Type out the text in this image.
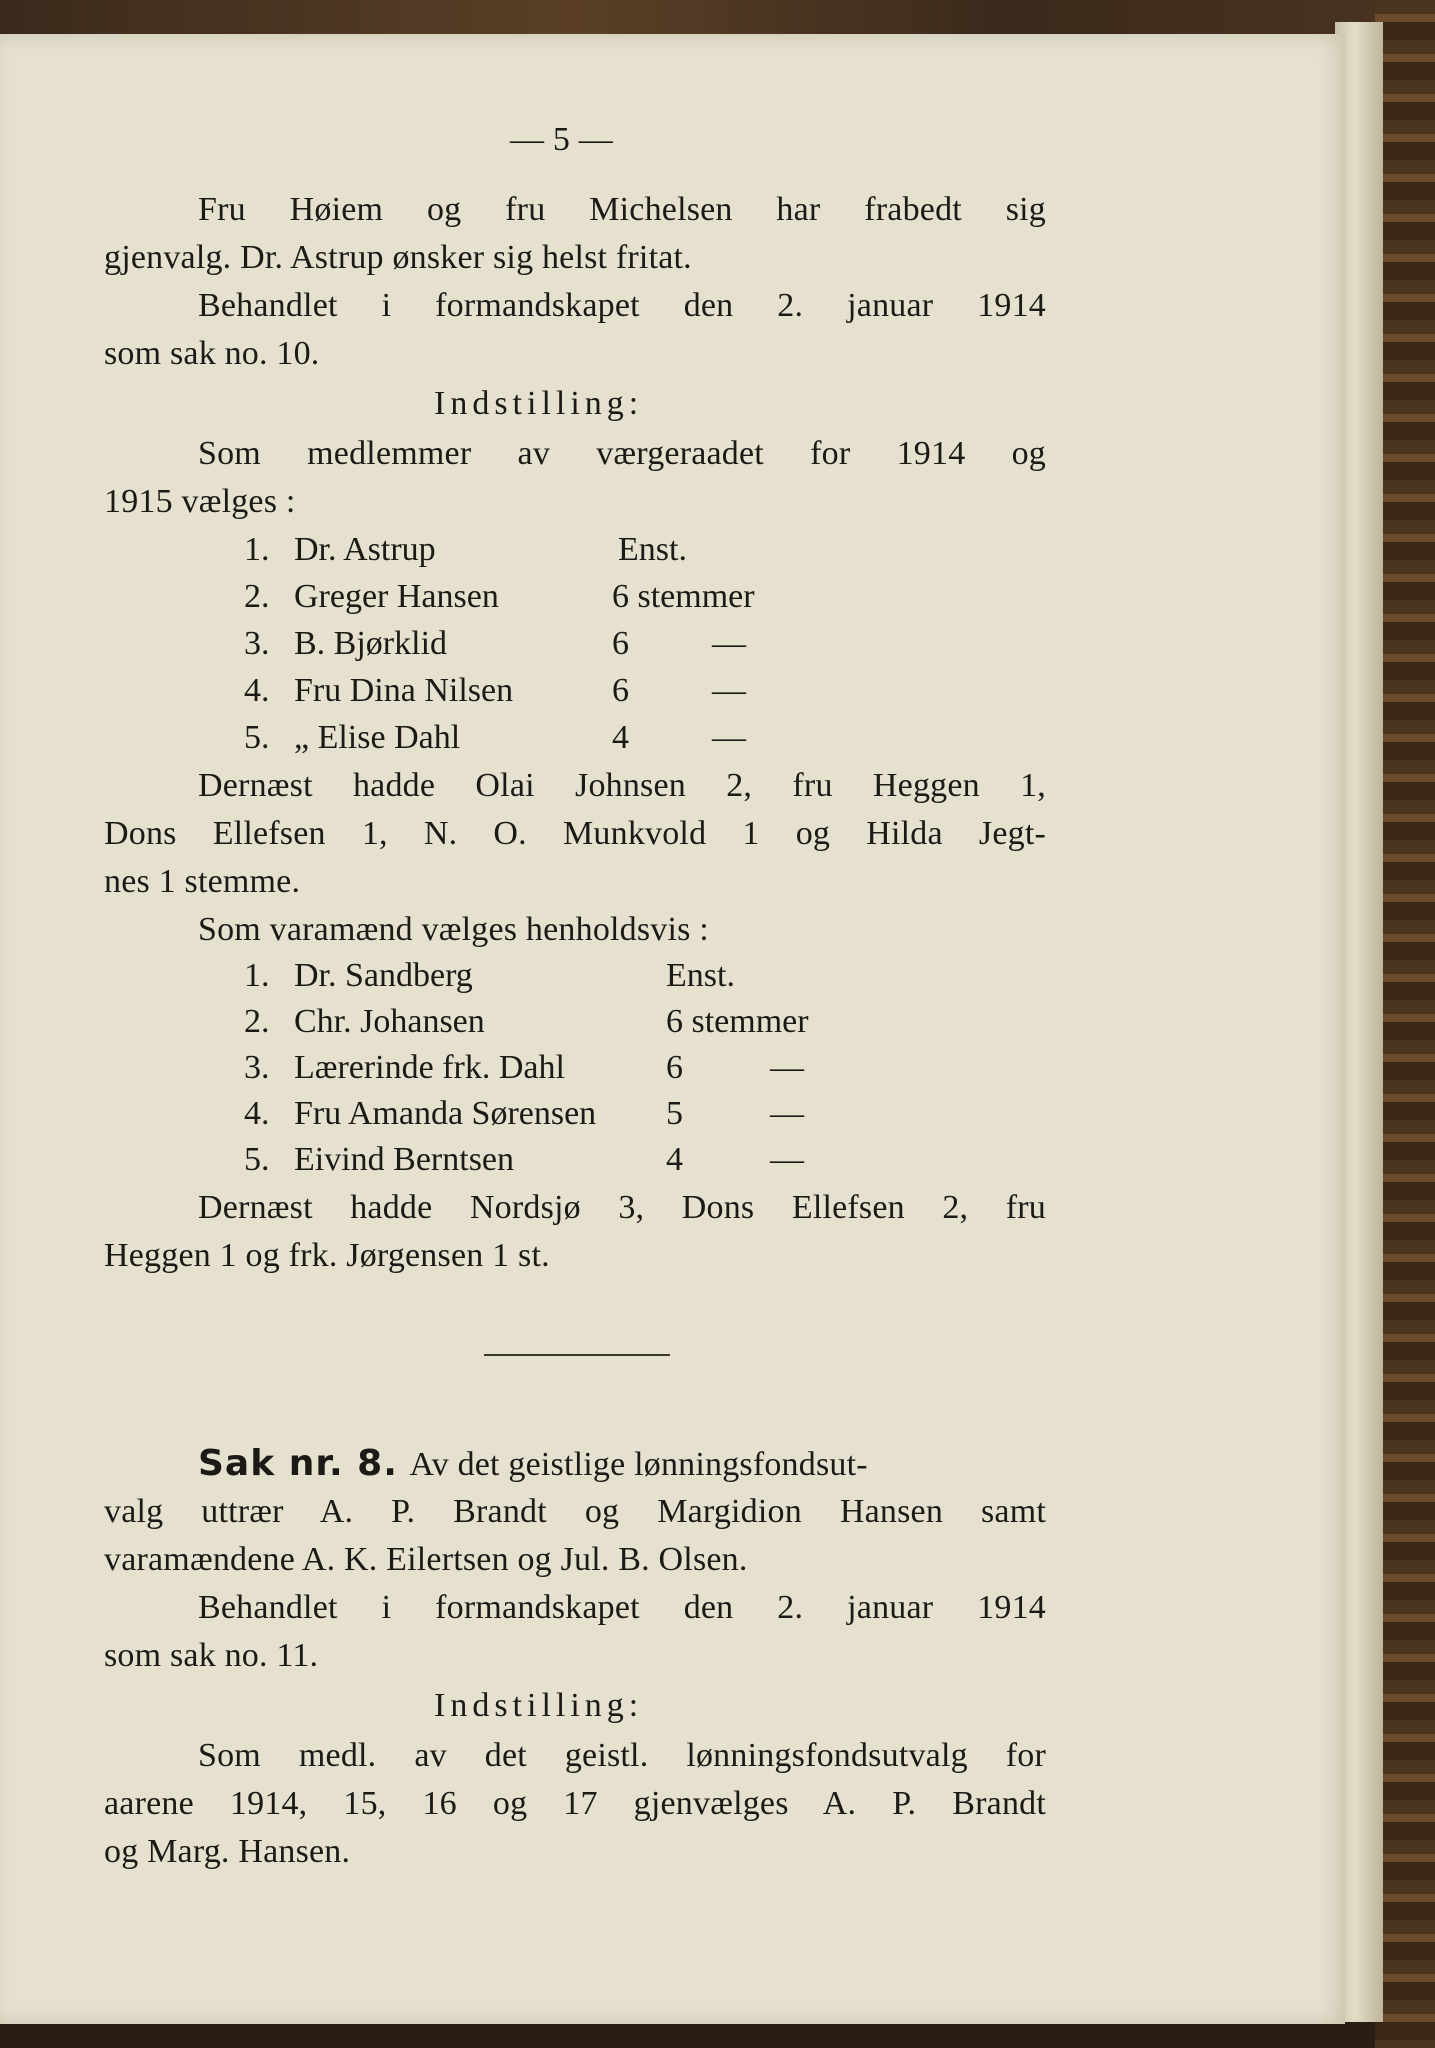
— 5 —
Fru Høiem og fru Michelsen har frabedt sig
gjenvalg. Dr. Astrup ønsker sig helst fritat.
Behandlet i formandskapet den 2. januar 1914
som sak no. 10.
Indstilling:
Som medlemmer av værgeraadet for 1914 og
1915 vælges :
1. Dr. Astrup	Enst.
2. Greger Hansen	6 stemmer
3. B. Bjørklid	6 —
4. Fru Dina Nilsen	6 —
5. „ Elise Dahl	4 —
Dernæst hadde Olai Johnsen 2, fru Heggen 1,
Dons Ellefsen 1, N. O. Munkvold 1 og Hilda Jegt-
nes 1 stemme.
Som varamænd vælges henholdsvis :
1. Dr. Sandberg	Enst.
2. Chr. Johansen	6 stemmer
3. Lærerinde frk. Dahl	6	—
4. Fru Amanda Sørensen 5	—
5. Eivind Berntsen	4	—
Dernæst hadde Nordsjø 3, Dons Ellefsen 2, fru
Heggen 1 og frk. Jørgensen 1 st.
Sak nr. 8.  Av det geistlige lønningsfondsut-
valg uttrær A. P. Brandt og Margidion Hansen samt
varamændene A. K. Eilertsen og Jul. B. Olsen.
Behandlet i formandskapet den 2. januar 1914
som sak no. 11.
Indstilling:
Som medl. av det geistl. lønningsfondsutvalg for
aarene 1914, 15, 16 og 17 gjenvælges A. P. Brandt
og Marg. Hansen.
